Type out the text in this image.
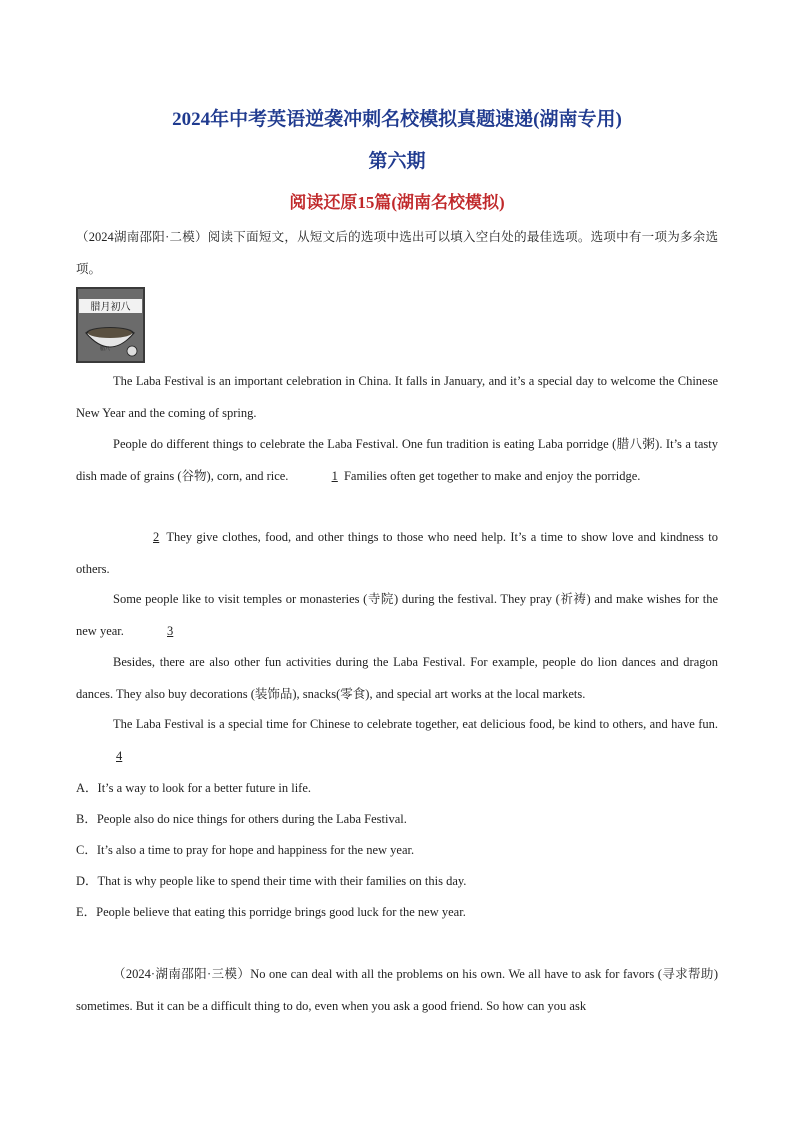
2024年中考英语逆袭冲刺名校模拟真题速递(湖南专用)
第六期
阅读还原15篇(湖南名校模拟)
（2024湖南邵阳·二模）阅读下面短文，从短文后的选项中选出可以填入空白处的最佳选项。选项中有一项为多余选项。
腊月初八
腊八
The Laba Festival is an important celebration in China. It falls in January, and it’s a special day to welcome the Chinese New Year and the coming of spring.
People do different things to celebrate the Laba Festival. One fun tradition is eating Laba porridge (腊八粥). It’s a tasty dish made of grains (谷物), corn, and rice.	1 Families often get together to make and enjoy the porridge.
2 They give clothes, food, and other things to those who need help. It’s a time to show love and kindness to others.
Some people like to visit temples or monasteries (寺院) during the festival. They pray (祈祷) and make wishes for the new year.	3
Besides, there are also other fun activities during the Laba Festival. For example, people do lion dances and dragon dances. They also buy decorations (装饰品), snacks(零食), and special art works at the local markets.
The Laba Festival is a special time for Chinese to celebrate together, eat delicious food, be kind to others, and have fun. 4
A．It’s a way to look for a better future in life.
B．People also do nice things for others during the Laba Festival.
C．It’s also a time to pray for hope and happiness for the new year.
D．That is why people like to spend their time with their families on this day.
E．People believe that eating this porridge brings good luck for the new year.
（2024·湖南邵阳·三模）No one can deal with all the problems on his own. We all have to ask for favors (寻求帮助) sometimes. But it can be a difficult thing to do, even when you ask a good friend. So how can you ask
